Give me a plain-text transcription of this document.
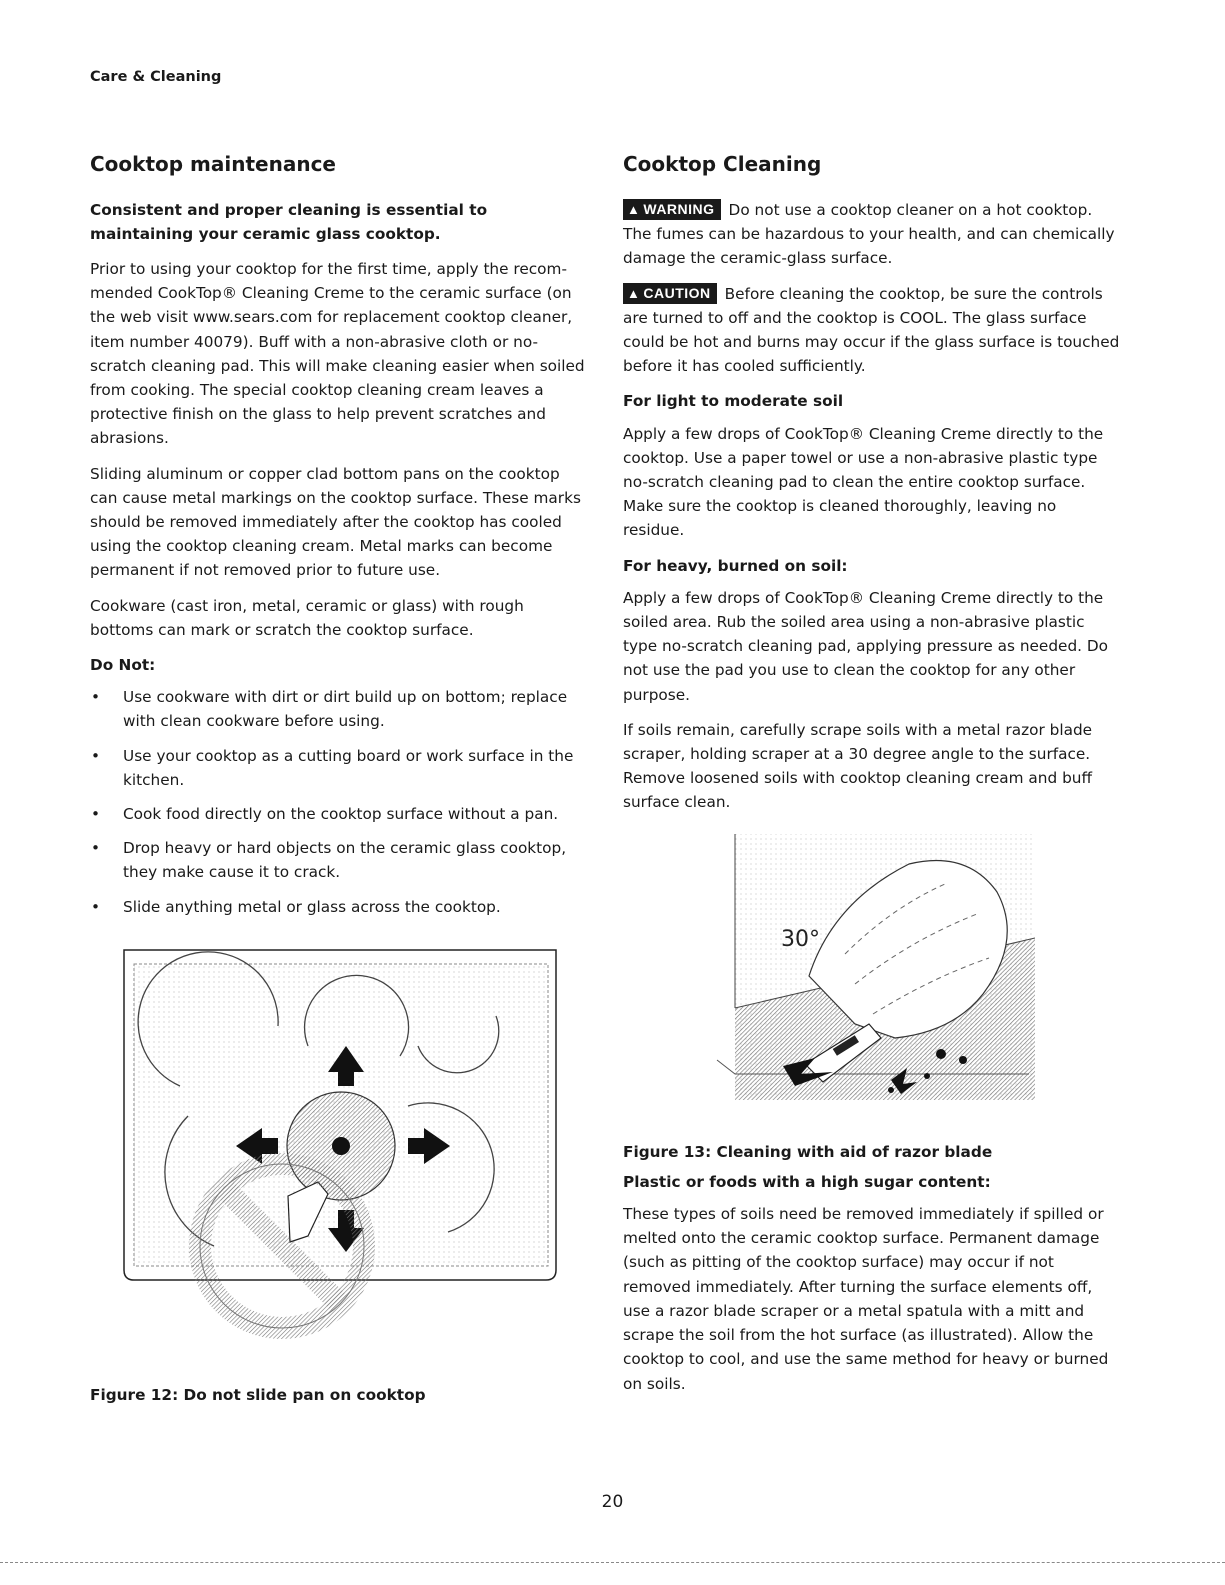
Care & Cleaning
Cooktop maintenance

Consistent and proper cleaning is essential to maintaining your ceramic glass cooktop.

Prior to using your cooktop for the first time, apply the recom-mended CookTop® Cleaning Creme to the ceramic surface (on the web visit www.sears.com for replacement cooktop cleaner, item number 40079). Buff with a non-abrasive cloth or no-scratch cleaning pad. This will make cleaning easier when soiled from cooking. The special cooktop cleaning cream leaves a protective finish on the glass to help prevent scratches and abrasions.

Sliding aluminum or copper clad bottom pans on the cooktop can cause metal markings on the cooktop surface. These marks should be removed immediately after the cooktop has cooled using the cooktop cleaning cream. Metal marks can become permanent if not removed prior to future use.

Cookware (cast iron, metal, ceramic or glass) with rough bottoms can mark or scratch the cooktop surface.

Do Not:

• Use cookware with dirt or dirt build up on bottom; replace with clean cookware before using.
• Use your cooktop as a cutting board or work surface in the kitchen.
• Cook food directly on the cooktop surface without a pan.
• Drop heavy or hard objects on the ceramic glass cooktop, they make cause it to crack.
• Slide anything metal or glass across the cooktop.
Figure 12: Do not slide pan on cooktop
Cooktop Cleaning

▲ WARNING Do not use a cooktop cleaner on a hot cooktop. The fumes can be hazardous to your health, and can chemically damage the ceramic-glass surface.

▲ CAUTION Before cleaning the cooktop, be sure the controls are turned to off and the cooktop is COOL. The glass surface could be hot and burns may occur if the glass surface is touched before it has cooled sufficiently.

For light to moderate soil

Apply a few drops of CookTop® Cleaning Creme directly to the cooktop. Use a paper towel or use a non-abrasive plastic type no-scratch cleaning pad to clean the entire cooktop surface. Make sure the cooktop is cleaned thoroughly, leaving no residue.

For heavy, burned on soil:

Apply a few drops of CookTop® Cleaning Creme directly to the soiled area. Rub the soiled area using a non-abrasive plastic type no-scratch cleaning pad, applying pressure as needed. Do not use the pad you use to clean the cooktop for any other purpose.

If soils remain, carefully scrape soils with a metal razor blade scraper, holding scraper at a 30 degree angle to the surface. Remove loosened soils with cooktop cleaning cream and buff surface clean.

Figure 13: Cleaning with aid of razor blade

Plastic or foods with a high sugar content:

These types of soils need be removed immediately if spilled or melted onto the ceramic cooktop surface. Permanent damage (such as pitting of the cooktop surface) may occur if not removed immediately. After turning the surface elements off, use a razor blade scraper or a metal spatula with a mitt and scrape the soil from the hot surface (as illustrated). Allow the cooktop to cool, and use the same method for heavy or burned on soils.

30°
20
